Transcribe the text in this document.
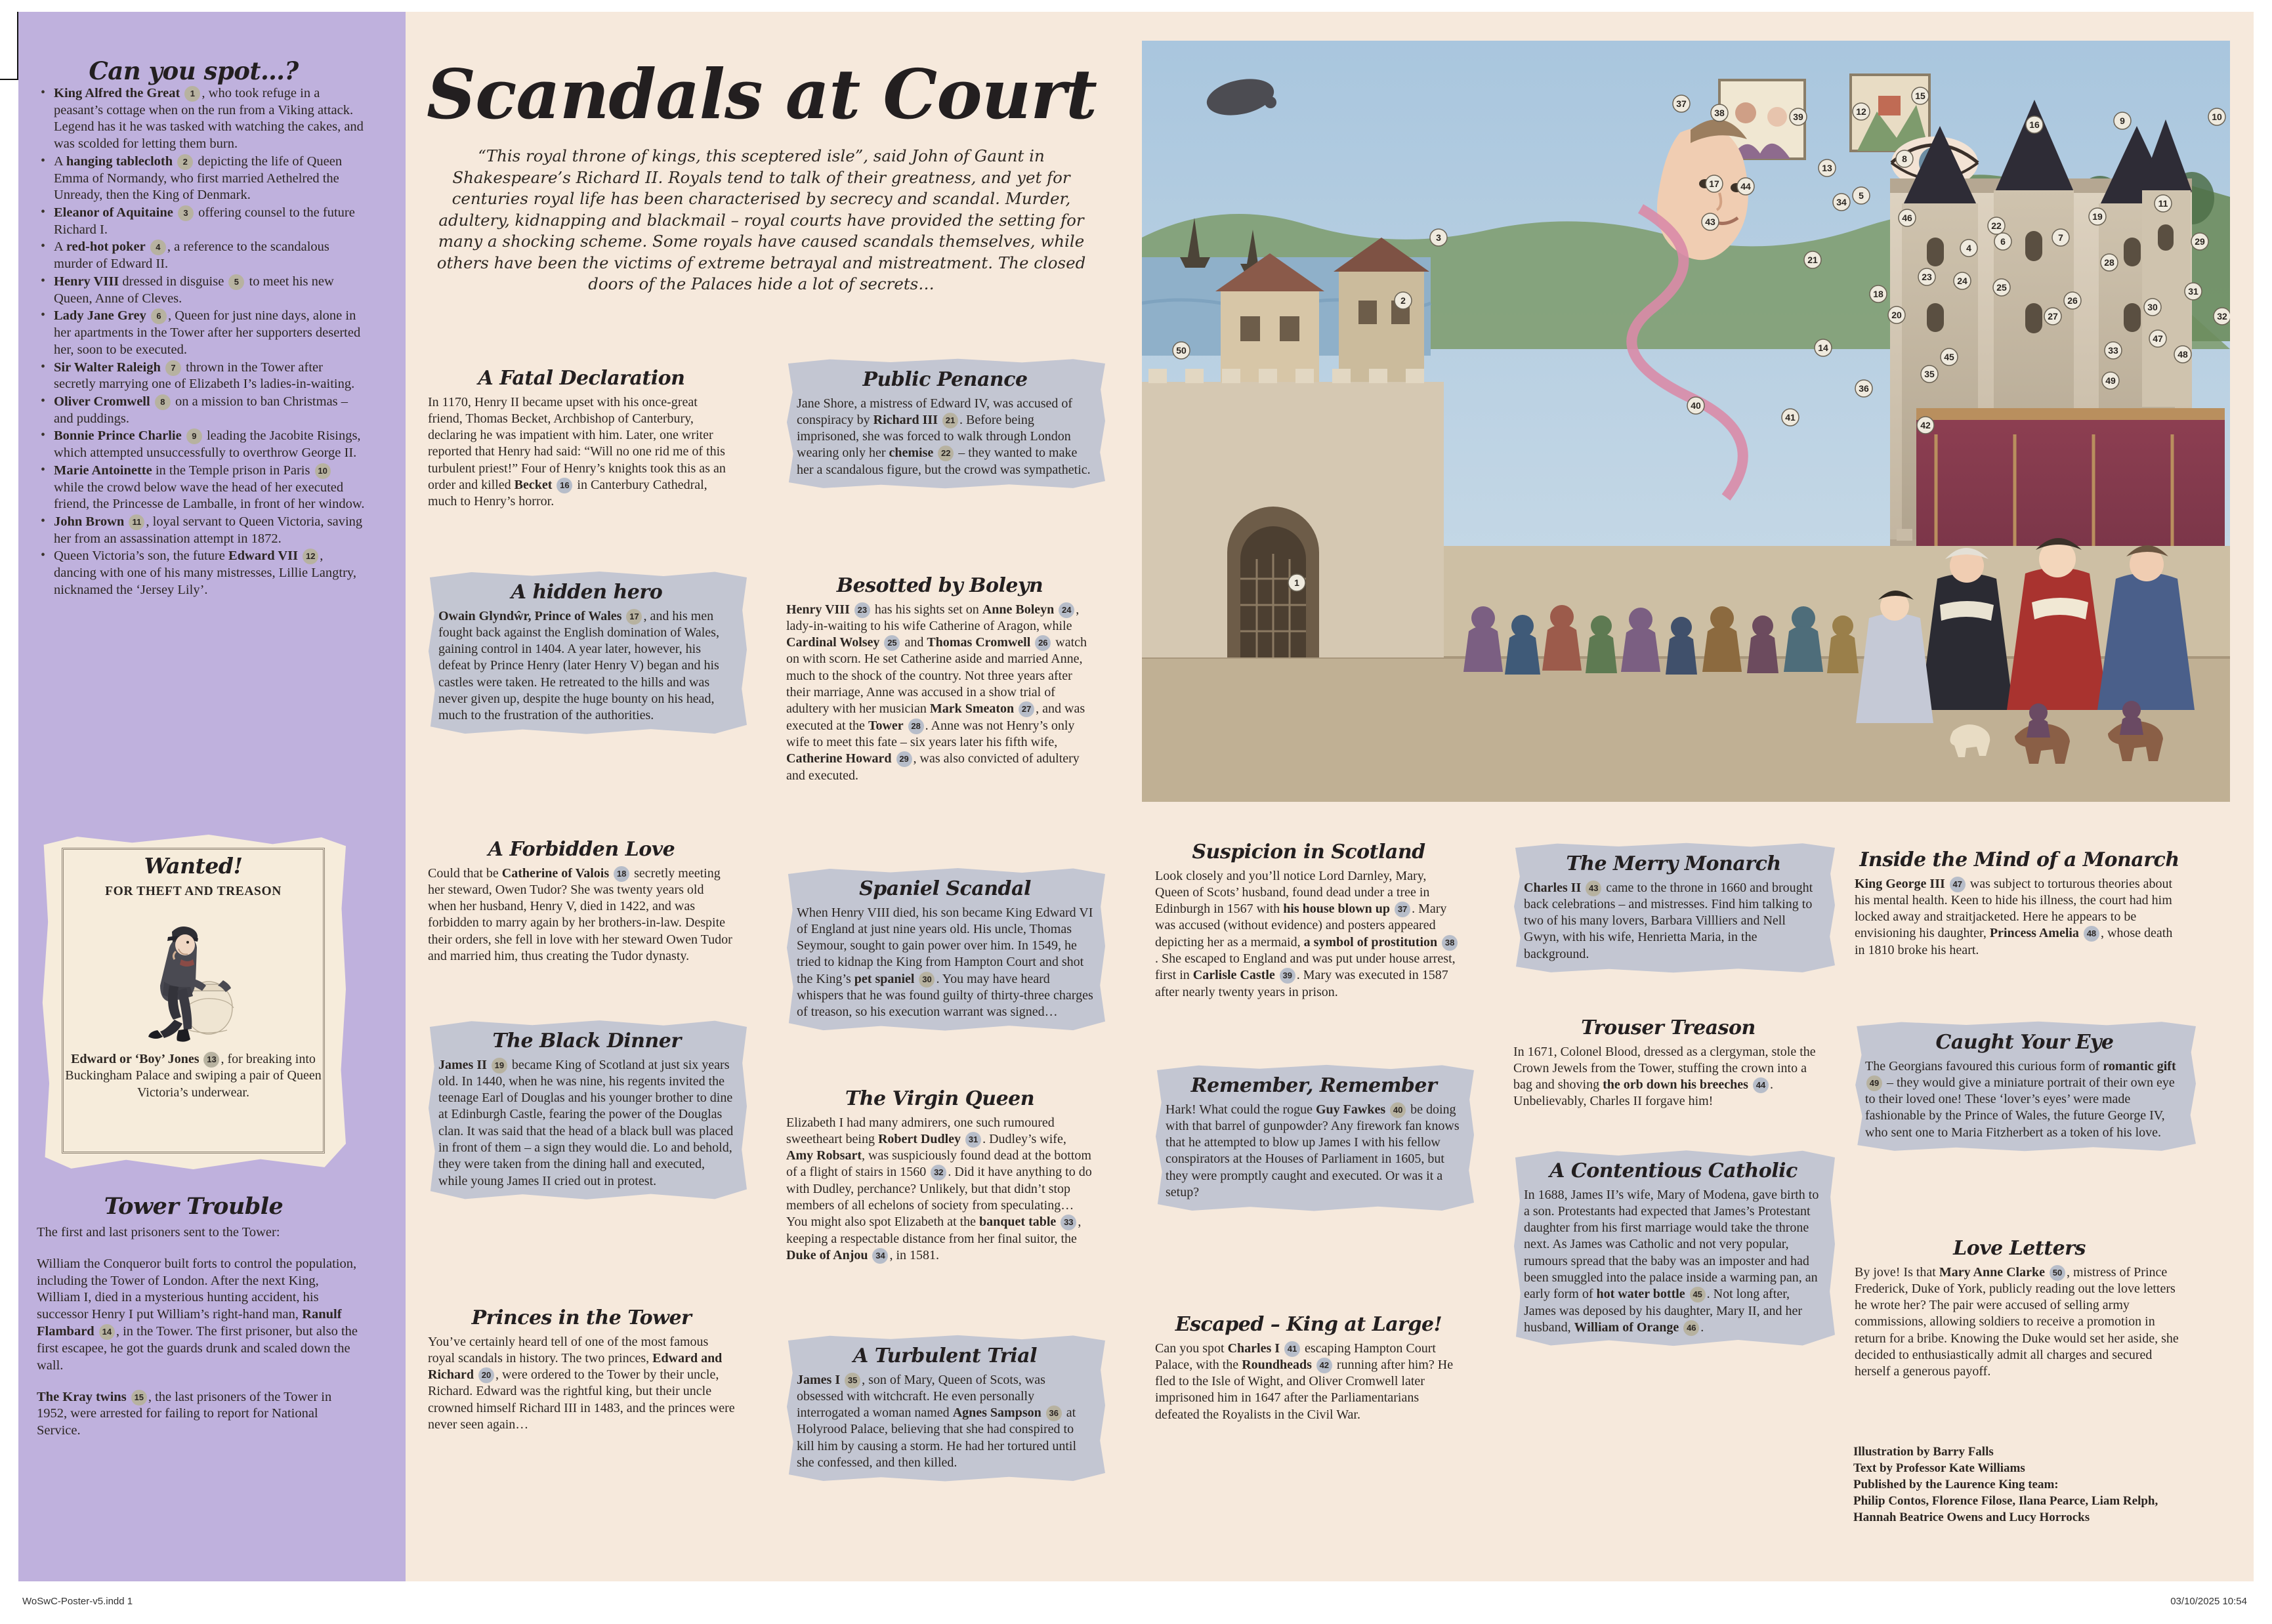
Can you spot…?
• King Alfred the Great 1 , who took refuge in a peasant’s cottage when on the run from a Viking attack. Legend has it he was tasked with watching the cakes, and was scolded for letting them burn.
• A hanging tablecloth 2 depicting the life of Queen Emma of Normandy, who first married Aethelred the Unready, then the King of Denmark.
• Eleanor of Aquitaine 3 offering counsel to the future Richard I.
• A red-hot poker 4 , a reference to the scandalous murder of Edward II.
• Henry VIII dressed in disguise 5 to meet his new Queen, Anne of Cleves.
• Lady Jane Grey 6 , Queen for just nine days, alone in her apartments in the Tower after her supporters deserted her, soon to be executed.
• Sir Walter Raleigh 7 thrown in the Tower after secretly marrying one of Elizabeth I’s ladies-in-waiting.
• Oliver Cromwell 8 on a mission to ban Christmas – and puddings.
• Bonnie Prince Charlie 9 leading the Jacobite Risings, which attempted unsuccessfully to overthrow George II.
• Marie Antoinette in the Temple prison in Paris 10 while the crowd below wave the head of her executed friend, the Princesse de Lamballe, in front of her window.
• John Brown 11 , loyal servant to Queen Victoria, saving her from an assassination attempt in 1872.
• Queen Victoria’s son, the future Edward VII 12 , dancing with one of his many mistresses, Lillie Langtry, nicknamed the ‘Jersey Lily’.
Wanted!
FOR THEFT AND TREASON
Edward or ‘Boy’ Jones 13 , for breaking into Buckingham Palace and swiping a pair of Queen Victoria’s underwear.
Tower Trouble

The first and last prisoners sent to the Tower:

William the Conqueror built forts to control the population, including the Tower of London. After the next King, William I, died in a mysterious hunting accident, his successor Henry I put William’s right-hand man, Ranulf Flambard 14 , in the Tower. The first prisoner, but also the first escapee, he got the guards drunk and scaled down the wall.

The Kray twins 15 , the last prisoners of the Tower in 1952, were arrested for failing to report for National Service.

Scandals at Court
“This royal throne of kings, this sceptered isle”, said John of Gaunt in Shakespeare’s Richard II. Royals tend to talk of their greatness, and yet for centuries royal life has been characterised by secrecy and scandal. Murder, adultery, kidnapping and blackmail – royal courts have provided the setting for many a shocking scheme. Some royals have caused scandals themselves, while others have been the victims of extreme betrayal and mistreatment. The closed doors of the Palaces hide a lot of secrets…
1
2
3
4
5
6	7
8
9	10
11
12
13
14
15
16
17
18
19
20
21
22
23	24
25
26
27
28
29
30
31
32
33
34
35
36
37
38	39
40
41
42
43
44
45
46
47
48
49
50
A Fatal Declaration
In 1170, Henry II became upset with his once-great friend, Thomas Becket, Archbishop of Canterbury, declaring he was impatient with him. Later, one writer reported that Henry had said: “Will no one rid me of this turbulent priest!” Four of Henry’s knights took this as an order and killed Becket 16 in Canterbury Cathedral, much to Henry’s horror.
A hidden hero
Owain Glyndŵr, Prince of Wales 17 , and his men fought back against the English domination of Wales, gaining control in 1404. A year later, however, his defeat by Prince Henry (later Henry V) began and his castles were taken. He retreated to the hills and was never given up, despite the huge bounty on his head, much to the frustration of the authorities.
A Forbidden Love
Could that be Catherine of Valois 18 secretly meeting her steward, Owen Tudor? She was twenty years old when her husband, Henry V, died in 1422, and was forbidden to marry again by her brothers-in-law. Despite their orders, she fell in love with her steward Owen Tudor and married him, thus creating the Tudor dynasty.
The Black Dinner
James II 19 became King of Scotland at just six years old. In 1440, when he was nine, his regents invited the teenage Earl of Douglas and his younger brother to dine at Edinburgh Castle, fearing the power of the Douglas clan. It was said that the head of a black bull was placed in front of them – a sign they would die. Lo and behold, they were taken from the dining hall and executed, while young James II cried out in protest.
Princes in the Tower
You’ve certainly heard tell of one of the most famous royal scandals in history. The two princes, Edward and Richard 20 , were ordered to the Tower by their uncle, Richard. Edward was the rightful king, but their uncle crowned himself Richard III in 1483, and the princes were never seen again…
Public Penance
Jane Shore, a mistress of Edward IV, was accused of conspiracy by Richard III 21 . Before being imprisoned, she was forced to walk through London wearing only her chemise 22 – they wanted to make her a scandalous figure, but the crowd was sympathetic.
Besotted by Boleyn
Henry VIII 23 has his sights set on Anne Boleyn 24 , lady-in-waiting to his wife Catherine of Aragon, while Cardinal Wolsey 25 and Thomas Cromwell 26 watch on with scorn. He set Catherine aside and married Anne, much to the shock of the country. Not three years after their marriage, Anne was accused in a show trial of adultery with her musician Mark Smeaton 27 , and was executed at the Tower 28 . Anne was not Henry’s only wife to meet this fate – six years later his fifth wife, Catherine Howard 29 , was also convicted of adultery and executed.
Spaniel Scandal
When Henry VIII died, his son became King Edward VI of England at just nine years old. His uncle, Thomas Seymour, sought to gain power over him. In 1549, he tried to kidnap the King from Hampton Court and shot the King’s pet spaniel 30 . You may have heard whispers that he was found guilty of thirty-three charges of treason, so his execution warrant was signed…
The Virgin Queen
Elizabeth I had many admirers, one such rumoured sweetheart being Robert Dudley 31 . Dudley’s wife, Amy Robsart, was suspiciously found dead at the bottom of a flight of stairs in 1560 32 . Did it have anything to do with Dudley, perchance? Unlikely, but that didn’t stop members of all echelons of society from speculating… You might also spot Elizabeth at the banquet table 33 , keeping a respectable distance from her final suitor, the Duke of Anjou 34 , in 1581.
A Turbulent Trial
James I 35 , son of Mary, Queen of Scots, was obsessed with witchcraft. He even personally interrogated a woman named Agnes Sampson 36 at Holyrood Palace, believing that she had conspired to kill him by causing a storm. He had her tortured until she confessed, and then killed.
Suspicion in Scotland
Look closely and you’ll notice Lord Darnley, Mary, Queen of Scots’ husband, found dead under a tree in Edinburgh in 1567 with his house blown up 37 . Mary was accused (without evidence) and posters appeared depicting her as a mermaid, a symbol of prostitution 38. She escaped to England and was put under house arrest, first in Carlisle Castle 39 . Mary was executed in 1587 after nearly twenty years in prison.
Remember, Remember
Hark! What could the rogue Guy Fawkes 40 be doing with that barrel of gunpowder? Any firework fan knows that he attempted to blow up James I with his fellow conspirators at the Houses of Parliament in 1605, but they were promptly caught and executed. Or was it a setup?
Escaped – King at Large!
Can you spot Charles I 41 escaping Hampton Court Palace, with the Roundheads 42 running after him? He fled to the Isle of Wight, and Oliver Cromwell later imprisoned him in 1647 after the Parliamentarians defeated the Royalists in the Civil War.
The Merry Monarch
Charles II 43 came to the throne in 1660 and brought back celebrations – and mistresses. Find him talking to two of his many lovers, Barbara Villliers and Nell Gwyn, with his wife, Henrietta Maria, in the background.
Trouser Treason
In 1671, Colonel Blood, dressed as a clergyman, stole the Crown Jewels from the Tower, stuffing the crown into a bag and shoving the orb down his breeches 44 . Unbelievably, Charles II forgave him!
A Contentious Catholic
In 1688, James II’s wife, Mary of Modena, gave birth to a son. Protestants had expected that James’s Protestant daughter from his first marriage would take the throne next. As James was Catholic and not very popular, rumours spread that the baby was an imposter and had been smuggled into the palace inside a warming pan, an early form of hot water bottle 45 . Not long after, James was deposed by his daughter, Mary II, and her husband, William of Orange 46 .
Inside the Mind of a Monarch
King George III 47 was subject to torturous theories about his mental health. Keen to hide his illness, the court had him locked away and straitjacketed. Here he appears to be envisioning his daughter, Princess Amelia 48 , whose death in 1810 broke his heart.
Caught Your Eye
The Georgians favoured this curious form of romantic gift 49 – they would give a miniature portrait of their own eye to their loved one! These ‘lover’s eyes’ were made fashionable by the Prince of Wales, the future George IV, who sent one to Maria Fitzherbert as a token of his love.
Love Letters
By jove! Is that Mary Anne Clarke 50 , mistress of Prince Frederick, Duke of York, publicly reading out the love letters he wrote her? The pair were accused of selling army commissions, allowing soldiers to receive a promotion in return for a bribe. Knowing the Duke would set her aside, she decided to enthusiastically admit all charges and secured herself a generous payoff.
Illustration by Barry Falls
Text by Professor Kate Williams
Published by the Laurence King team:
Philip Contos, Florence Filose, Ilana Pearce, Liam Relph,
Hannah Beatrice Owens and Lucy Horrocks
WoSwC-Poster-v5.indd 1	03/10/2025 10:54
